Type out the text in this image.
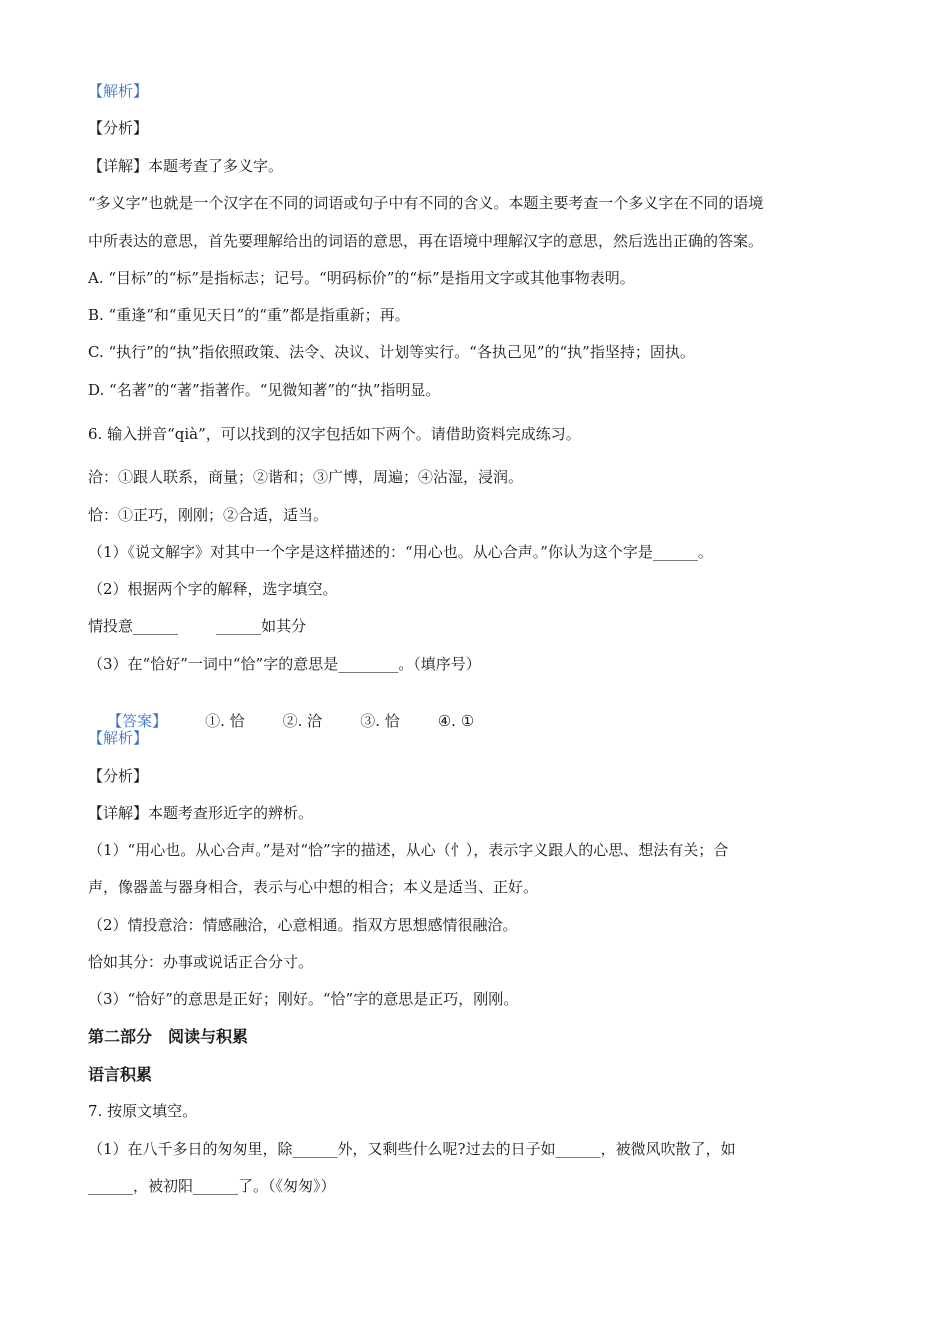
【解析】
【分析】
【详解】本题考查了多义字。
“多义字”也就是一个汉字在不同的词语或句子中有不同的含义。本题主要考查一个多义字在不同的语境
中所表达的意思，首先要理解给出的词语的意思，再在语境中理解汉字的意思，然后选出正确的答案。
A. “目标”的“标”是指标志；记号。“明码标价”的“标”是指用文字或其他事物表明。
B. “重逢”和“重见天日”的“重”都是指重新；再。
C. “执行”的“执”指依照政策、法令、决议、计划等实行。“各执己见”的“执”指坚持；固执。
D. “名著”的“著”指著作。“见微知著”的“执”指明显。
6. 输入拼音“qià”，可以找到的汉字包括如下两个。请借助资料完成练习。
洽：①跟人联系，商量；②谐和；③广博，周遍；④沾湿，浸润。
恰：①正巧，刚刚；②合适，适当。
（1）《说文解字》对其中一个字是这样描述的：“用心也。从心合声。”你认为这个字是______。
（2）根据两个字的解释，选字填空。
情投意______        ______如其分
（3）在“恰好”一词中“恰”字的意思是________。（填序号）

【答案】	①. 恰	②. 洽	③. 恰	④. ①

【解析】
【分析】
【详解】本题考查形近字的辨析。
（1）“用心也。从心合声。”是对“恰”字的描述，从心（忄），表示字义跟人的心思、想法有关；合
声，像器盖与器身相合，表示与心中想的相合；本义是适当、正好。
（2）情投意洽：情感融洽，心意相通。指双方思想感情很融洽。
恰如其分：办事或说话正合分寸。
（3）“恰好”的意思是正好；刚好。“恰”字的意思是正巧，刚刚。
第二部分　阅读与积累
语言积累
7. 按原文填空。
（1）在八千多日的匆匆里，除______外，又剩些什么呢?过去的日子如______，被微风吹散了，如
______，被初阳______了。（《匆匆》）
